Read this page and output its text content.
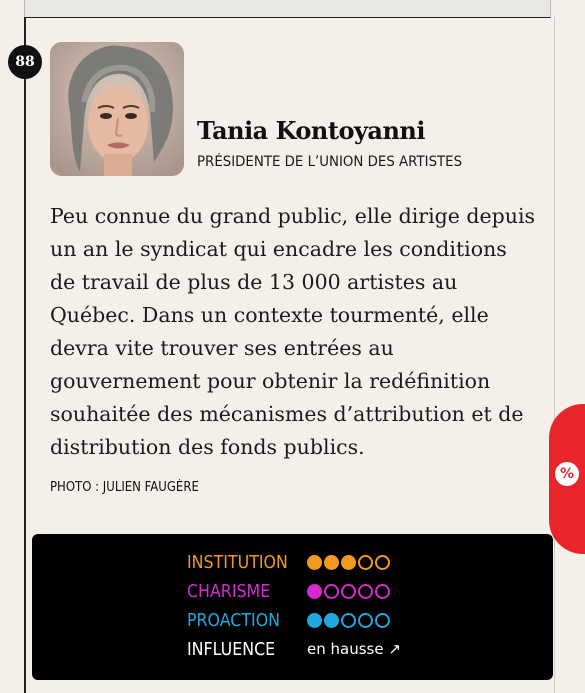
88
Tania Kontoyanni
PRÉSIDENTE DE L’UNION DES ARTISTES
Peu connue du grand public, elle dirige depuis
un an le syndicat qui encadre les conditions
de travail de plus de 13 000 artistes au
Québec. Dans un contexte tourmenté, elle
devra vite trouver ses entrées au
gouvernement pour obtenir la redéfinition
souhaitée des mécanismes d’attribution et de
distribution des fonds publics.
PHOTO : JULIEN FAUGÈRE
INSTITUTION
CHARISME
PROACTION
INFLUENCE	en hausse ↗
%
